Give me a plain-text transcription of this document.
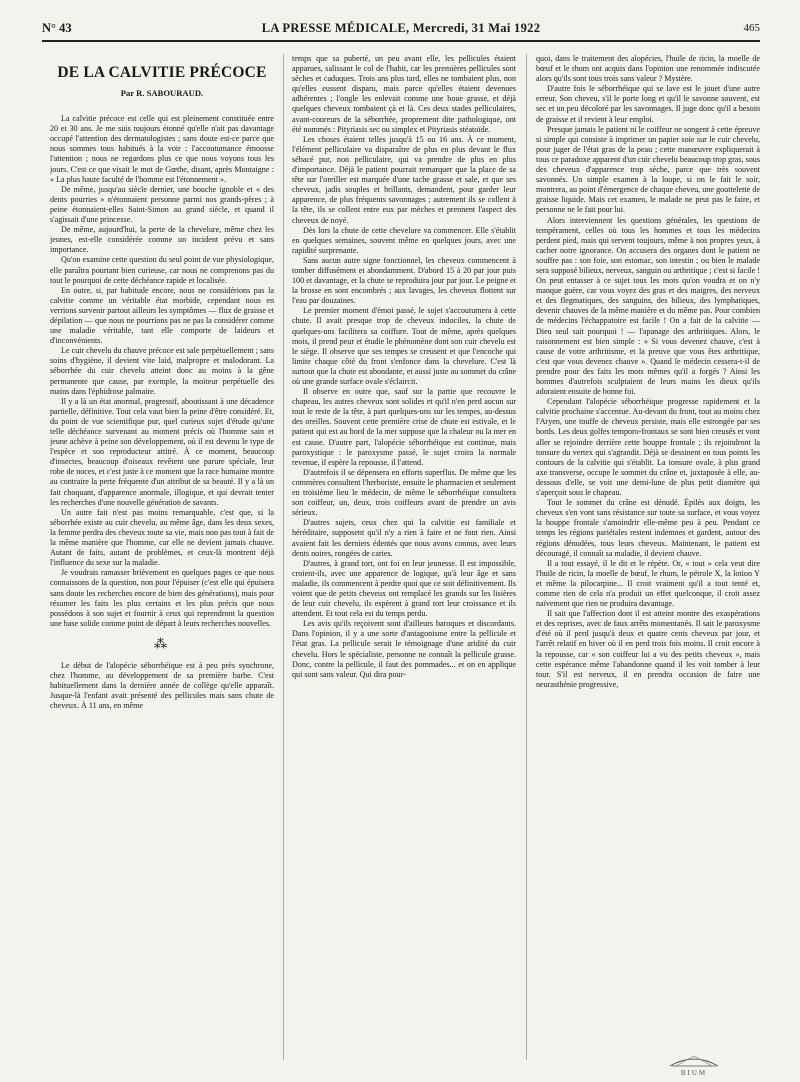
N° 43	LA PRESSE MÉDICALE, Mercredi, 31 Mai 1922	465
DE LA CALVITIE PRÉCOCE
Par R. SABOURAUD.

La calvitie précoce est celle qui est pleinement constituée entre 20 et 30 ans. Je me suis toujours étonné qu'elle n'ait pas davantage occupé l'attention des dermatologistes ; sans doute est-ce parce que nous sommes tous habitués à la voir : l'accoutumance émousse l'attention ; nous ne regardons plus ce que nous voyons tous les jours. C'est ce que visait le mot de Gœthe, disant, après Montaigne : « La plus haute faculté de l'homme est l'étonnement ».

De même, jusqu'au siècle dernier, une bouche ignoble et « des dents pourries » n'étonnaient personne parmi nos grands-pères ; à peine étonnaient-elles Saint-Simon au grand siècle, et quand il s'agissait d'une princesse.

De même, aujourd'hui, la perte de la chevelure, même chez les jeunes, est-elle considérée comme un incident prévu et sans importance.

Qu'on examine cette question du seul point de vue physiologique, elle paraîtra pourtant bien curieuse, car nous ne comprenons pas du tout le pourquoi de cette déchéance rapide et localisée.

En outre, si, par habitude encore, nous ne considérions pas la calvitie comme un véritable état morbide, cependant nous en verrions survenir partout ailleurs les symptômes — flux de graisse et dépilation — que nous ne pourrions pas ne pas la considérer comme une maladie véritable, tant elle comporte de laideurs et d'inconvénients.

Le cuir chevelu du chauve précoce est sale perpétuellement ; sans soins d'hygiène, il devient vite laid, malpropre et malodorant. La séborrhée du cuir chevelu atteint donc au moins à la gêne permanente que cause, par exemple, la moiteur perpétuelle des mains dans l'éphidrose palmaire.

Il y a là un état anormal, progressif, aboutissant à une décadence partielle, définitive. Tout cela vaut bien la peine d'être considéré. Et, du point de vue scientifique pur, quel curieux sujet d'étude qu'une telle déchéance survenant au moment précis où l'homme sain et jeune achève à peine son développement, où il est devenu le type de l'espèce et son reproducteur attitré. À ce moment, beaucoup d'insectes, beaucoup d'oiseaux revêtent une parure spéciale, leur robe de noces, et c'est juste à ce moment que la race humaine montre au contraire la perte fréquente d'un attribut de sa beauté. Il y a là un fait choquant, d'apparence anormale, illogique, et qui devrait tenter les recherches d'une nouvelle génération de savants.

Un autre fait n'est pas moins remarquable, c'est que, si la séborrhée existe au cuir chevelu, au même âge, dans les deux sexes, la femme perdra des cheveux toute sa vie, mais non pas tout à fait de la même manière que l'homme, car elle ne devient jamais chauve. Autant de faits, autant de problèmes, et ceux-là montrent déjà l'influence du sexe sur la maladie.

Je voudrais ramasser brièvement en quelques pages ce que nous connaissons de la question, non pour l'épuiser (c'est elle qui épuisera sans doute les recherches encore de bien des générations), mais pour résumer les faits les plus certains et les plus précis que nous possédons à son sujet et fournir à ceux qui reprendront la question une base solide comme point de départ à leurs recherches nouvelles.

⁂

Le début de l'alopécie séborrhéique est à peu près synchrone, chez l'homme, au développement de sa première barbe. C'est habituellement dans la dernière année de collège qu'elle apparaît. Jusque-là l'enfant avait présenté des pellicules mais sans chute de cheveux. À 11 ans, en même

temps que sa puberté, un peu avant elle, les pellicules étaient apparues, salissant le col de l'habit, car les premières pellicules sont sèches et caduques. Trois ans plus tard, elles ne tombaient plus, non qu'elles eussent disparu, mais parce qu'elles étaient devenues adhérentes ; l'ongle les enlevait comme une boue grasse, et déjà quelques cheveux tombaient çà et là. Ces deux stades pelliculaires, avant-coureurs de la séborrhée, proprement dite pathologique, ont été nommés : Pityriasis sec ou simplex et Pityriasis stéatoïde.

Les choses étaient telles jusqu'à 15 ou 16 ans. À ce moment, l'élément pelliculaire va disparaître de plus en plus devant le flux sébacé pur, non pelliculaire, qui va prendre de plus en plus d'importance. Déjà le patient pourrait remarquer que la place de sa tête sur l'oreiller est marquée d'une tache grasse et sale, et que ses cheveux, jadis souples et brillants, demandent, pour garder leur apparence, de plus fréquents savonnages ; autrement ils se collent à la tête, ils se collent entre eux par mèches et prennent l'aspect des cheveux de noyé.

Dès lors la chute de cette chevelure va commencer. Elle s'établit en quelques semaines, souvent même en quelques jours, avec une rapidité surprenante.

Sans aucun autre signe fonctionnel, les cheveux commencent à tomber diffusément et abondamment. D'abord 15 à 20 par jour puis 100 et davantage, et la chute se reproduira jour par jour. Le peigne et la brosse en sont encombrés ; aux lavages, les cheveux flottent sur l'eau par douzaines.

Le premier moment d'émoi passé, le sujet s'accoutumera à cette chute. Il avait presque trop de cheveux indociles, la chute de quelques-uns facilitera sa coiffure. Tout de même, après quelques mois, il prend peur et étudie le phénomène dont son cuir chevelu est le siège. Il observe que ses tempes se creusent et que l'encoche qui limite chaque côté du front s'enfonce dans la chevelure. C'est là surtout que la chute est abondante, et aussi juste au sommet du crâne où une grande surface ovale s'éclaircit.

Il observe en outre que, sauf sur la partie que recouvre le chapeau, les autres cheveux sont solides et qu'il n'en perd aucun sur tout le reste de la tête, à part quelques-uns sur les tempes, au-dessus des oreilles. Souvent cette première crise de chute est estivale, et le patient qui est au bord de la mer suppose que la chaleur ou la mer en est cause. D'autre part, l'alopécie séborrhéique est continue, mais paroxystique : le paroxysme passé, le sujet croira la normale revenue, il espère la repousse, il l'attend.

D'autrefois il se dépensera en efforts superflus. De même que les commères consultent l'herboriste, ensuite le pharmacien et seulement en troisième lieu le médecin, de même le séborrhéique consultera son coiffeur, un, deux, trois coiffeurs avant de prendre un avis sérieux.

D'autres sujets, ceux chez qui la calvitie est familiale et héréditaire, supposent qu'il n'y a rien à faire et ne font rien. Ainsi avaient fait les derniers édentés que nous avons connus, avec leurs dents noires, rongées de caries.

D'autres, à grand tort, ont foi en leur jeunesse. Il est impossible, croient-ils, avec une apparence de logique, qu'à leur âge et sans maladie, ils commencent à perdre quoi que ce soit définitivement. Ils voient que de petits cheveux ont remplacé les grands sur les lisières de leur cuir chevelu, ils espèrent à grand tort leur croissance et ils attendent. Et tout cela est du temps perdu.

Les avis qu'ils reçoivent sont d'ailleurs baroques et discordants. Dans l'opinion, il y a une sorte d'antagonisme entre la pellicule et l'état gras. La pellicule serait le témoignage d'une aridité du cuir chevelu. Hors le spécialiste, personne ne connaît la pellicule grasse. Donc, contre la pellicule, il faut des pommades... et on en applique qui sont sans valeur. Qui dira pour-

quoi, dans le traitement des alopécies, l'huile de ricin, la moelle de bœuf et le rhum ont acquis dans l'opinion une renommée indiscutée alors qu'ils sont tous trois sans valeur ? Mystère.

D'autre fois le séborrhéique qui se lave est le jouet d'une autre erreur. Son cheveu, s'il le porte long et qu'il le savonne souvent, est sec et un peu décoloré par les savonnages. Il juge donc qu'il a besoin de graisse et il revient à leur emploi.

Presque jamais le patient ni le coiffeur ne songent à cette épreuve si simple qui consiste à imprimer un papier soie sur le cuir chevelu, pour juger de l'état gras de la peau ; cette manœuvre expliquerait à tous ce paradoxe apparent d'un cuir chevelu beaucoup trop gras, sous des cheveux d'apparence trop sèche, parce que très souvent savonnés. Un simple examen à la loupe, si on le fait le soir, montrera, au point d'émergence de chaque cheveu, une gouttelette de graisse liquide. Mais cet examen, le malade ne peut pas le faire, et personne ne le fait pour lui.

Alors interviennent les questions générales, les questions de tempérament, celles où tous les hommes et tous les médecins perdent pied, mais qui servent toujours, même à nos propres yeux, à cacher notre ignorance. On accusera des organes dont le patient ne souffre pas : son foie, son estomac, son intestin ; ou bien le malade sera supposé bilieux, nerveux, sanguin ou arthritique ; c'est si facile ! On peut entasser à ce sujet tous les mots qu'on voudra et on n'y manque guère, car vous voyez des gras et des maigres, des nerveux et des flegmatiques, des sanguins, des bilieux, des lymphatiques, devenir chauves de la même manière et du même pas. Pour combien de médecins l'échappatoire est facile ! On a fait de la calvitie — Dieu seul sait pourquoi ! — l'apanage des arthritiques. Alors, le raisonnement est bien simple : « Si vous devenez chauve, c'est à cause de votre arthritisme, et la preuve que vous êtes arthritique, c'est que vous devenez chauve ». Quand le médecin cessera-t-il de prendre pour des faits les mots mêmes qu'il a forgés ? Ainsi les hommes d'autrefois sculptaient de leurs mains les dieux qu'ils adoraient ensuite de bonne foi.

Cependant l'alopécie séborrhéique progresse rapidement et la calvitie prochaine s'accentue. Au-devant du front, tout au moins chez l'Aryen, une touffe de cheveux persiste, mais elle estrongée par ses bords. Les deux golfes temporo-frontaux se sont bien creusés et vont aller se rejoindre derrière cette houppe frontale ; ils rejoindront la tonsure du vertex qui s'agrandit. Déjà se dessinent en tous points les contours de la calvitie qui s'établit. La tonsure ovale, à plus grand axe transverse, occupe le sommet du crâne et, juxtaposée à elle, au-dessous d'elle, se voit une demi-lune de plus petit diamètre qui s'aperçoit sous le chapeau.

Tout le sommet du crâne est dénudé. Épilés aux doigts, les cheveux s'en vont sans résistance sur toute sa surface, et vous voyez la houppe frontale s'amoindrir elle-même peu à peu. Pendant ce temps les régions pariétales restent indemnes et gardent, autour des régions dénudées, tous leurs cheveux. Maintenant, le patient est découragé, il connaît sa maladie, il devient chauve.

Il a tout essayé, il le dit et le répète. Or, « tout » cela veut dire l'huile de ricin, la moelle de bœuf, le rhum, le pétrole X, la lotion Y et même la pilocarpine... Il croit vraiment qu'il a tout tenté et, comme rien de cela n'a produit un effet quelconque, il croit assez naïvement que rien ne produira davantage.

Il sait que l'affection dont il est atteint montre des exaspérations et des reprises, avec de faux arrêts momentanés. Il sait le paroxysme d'été où il perd jusqu'à deux et quatre cents cheveux par jour, et l'arrêt relatif en hiver où il en perd trois fois moins. Il croit encore à la repousse, car « son coiffeur lui a vu des petits cheveux », mais cette espérance même l'abandonne quand il les voit tomber à leur tour. S'il est nerveux, il en prendra occasion de faire une neurasthénie progressive,

BIUM
